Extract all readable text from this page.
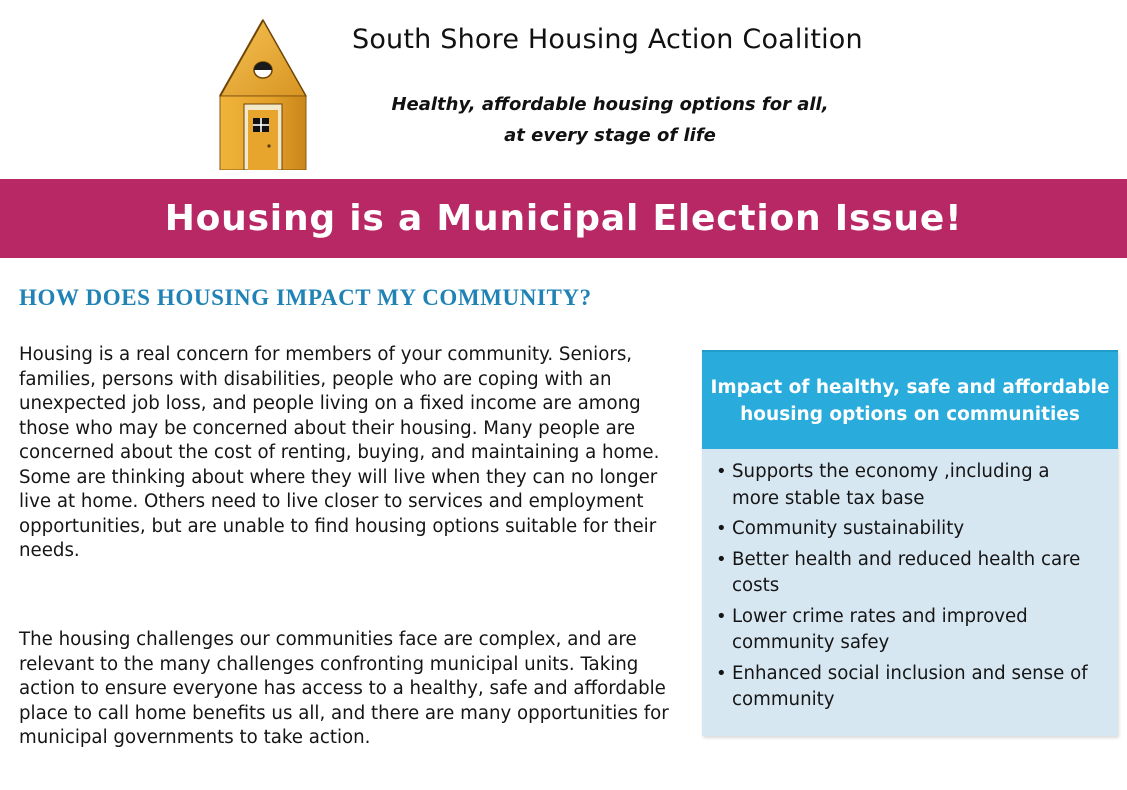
South Shore Housing Action Coalition
Healthy, affordable housing options for all,
at every stage of life
Housing is a Municipal Election Issue!
HOW DOES HOUSING IMPACT MY COMMUNITY?

Housing is a real concern for members of your community. Seniors, families, persons with disabilities, people who are coping with an unexpected job loss, and people living on a fixed income are among those who may be concerned about their housing. Many people are concerned about the cost of renting, buying, and maintaining a home. Some are thinking about where they will live when they can no longer live at home. Others need to live closer to services and employment opportunities, but are unable to find housing options suitable for their needs.

The housing challenges our communities face are complex, and are relevant to the many challenges confronting municipal units. Taking action to ensure everyone has access to a healthy, safe and affordable place to call home benefits us all, and there are many opportunities for municipal governments to take action.

Impact of healthy, safe and affordable
housing options on communities
• Supports the economy ,including a more stable tax base
• Community sustainability
• Better health and reduced health care costs
• Lower crime rates and improved community safey
• Enhanced social inclusion and sense of community
